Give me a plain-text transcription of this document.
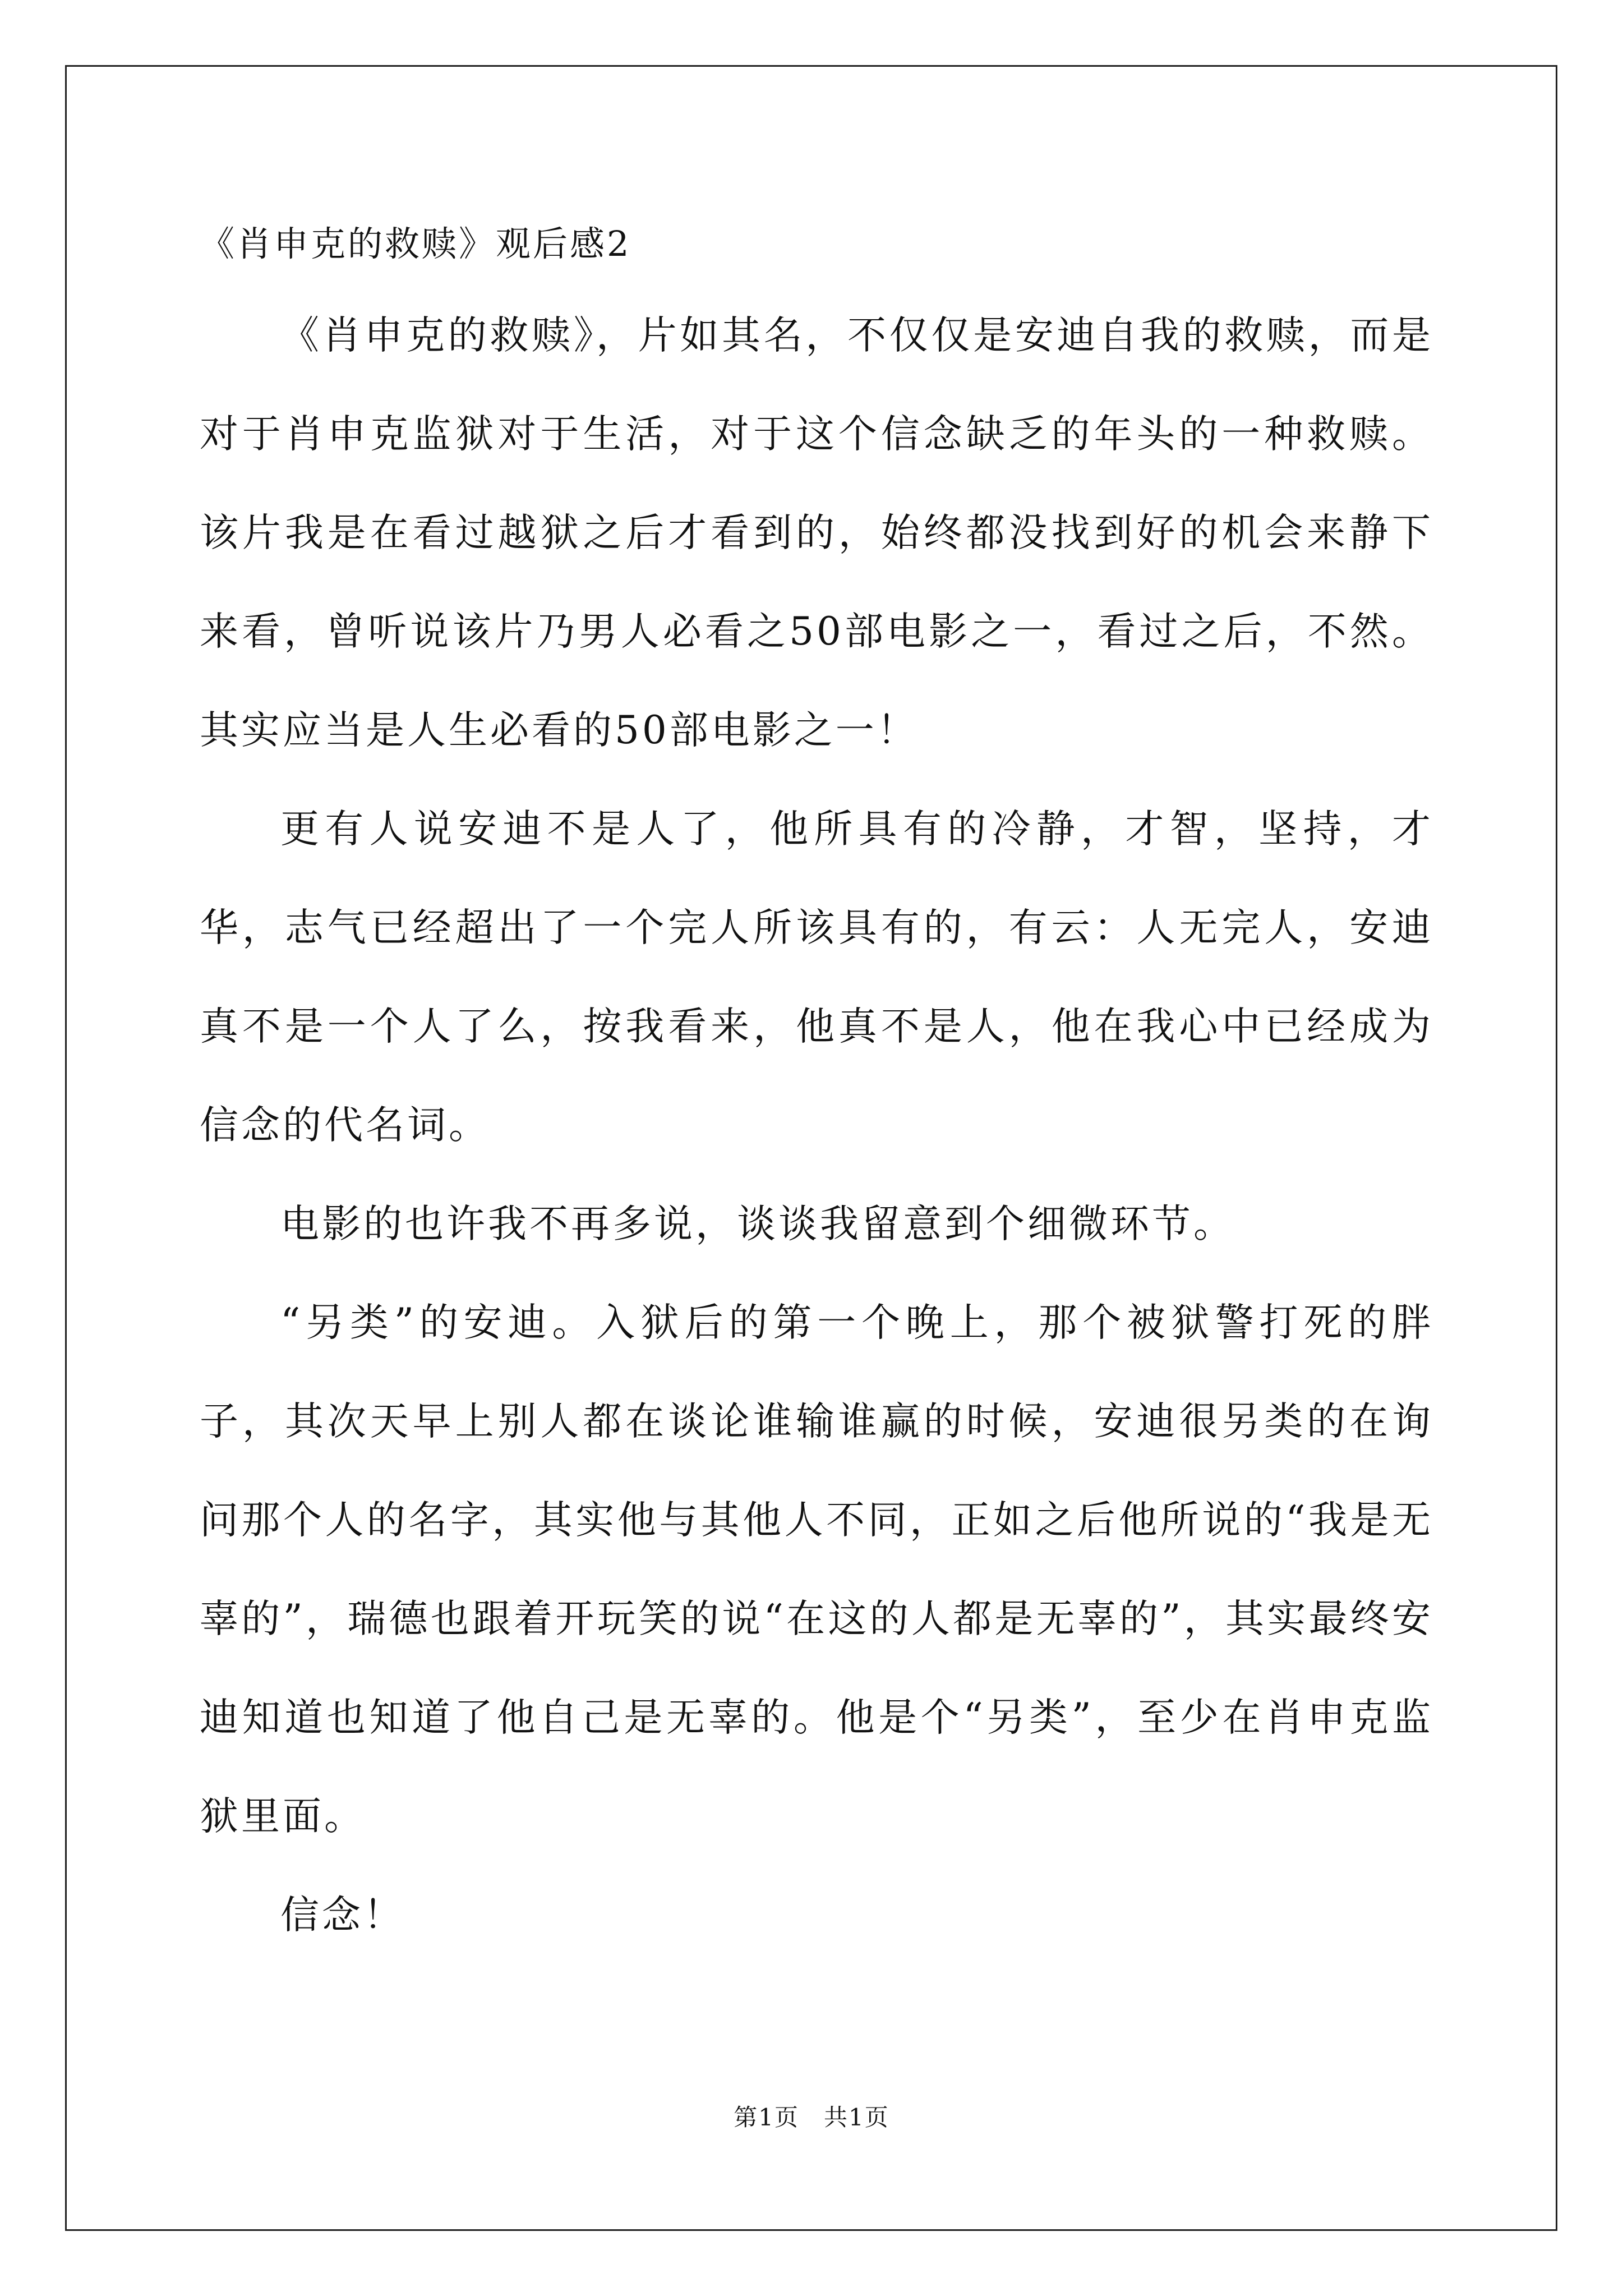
《肖申克的救赎》观后感2

《肖申克的救赎》，片如其名，不仅仅是安迪自我的救赎，而是对于肖申克监狱对于生活，对于这个信念缺乏的年头的一种救赎。该片我是在看过越狱之后才看到的，始终都没找到好的机会来静下来看，曾听说该片乃男人必看之50部电影之一，看过之后，不然。其实应当是人生必看的50部电影之一！

更有人说安迪不是人了，他所具有的冷静，才智，坚持，才华，志气已经超出了一个完人所该具有的，有云：人无完人，安迪真不是一个人了么，按我看来，他真不是人，他在我心中已经成为信念的代名词。

电影的也许我不再多说，谈谈我留意到个细微环节。

“另类”的安迪。入狱后的第一个晚上，那个被狱警打死的胖子，其次天早上别人都在谈论谁输谁赢的时候，安迪很另类的在询问那个人的名字，其实他与其他人不同，正如之后他所说的“我是无辜的”，瑞德也跟着开玩笑的说“在这的人都是无辜的”，其实最终安迪知道也知道了他自己是无辜的。他是个“另类”，至少在肖申克监狱里面。

信念！

第1页　共1页
